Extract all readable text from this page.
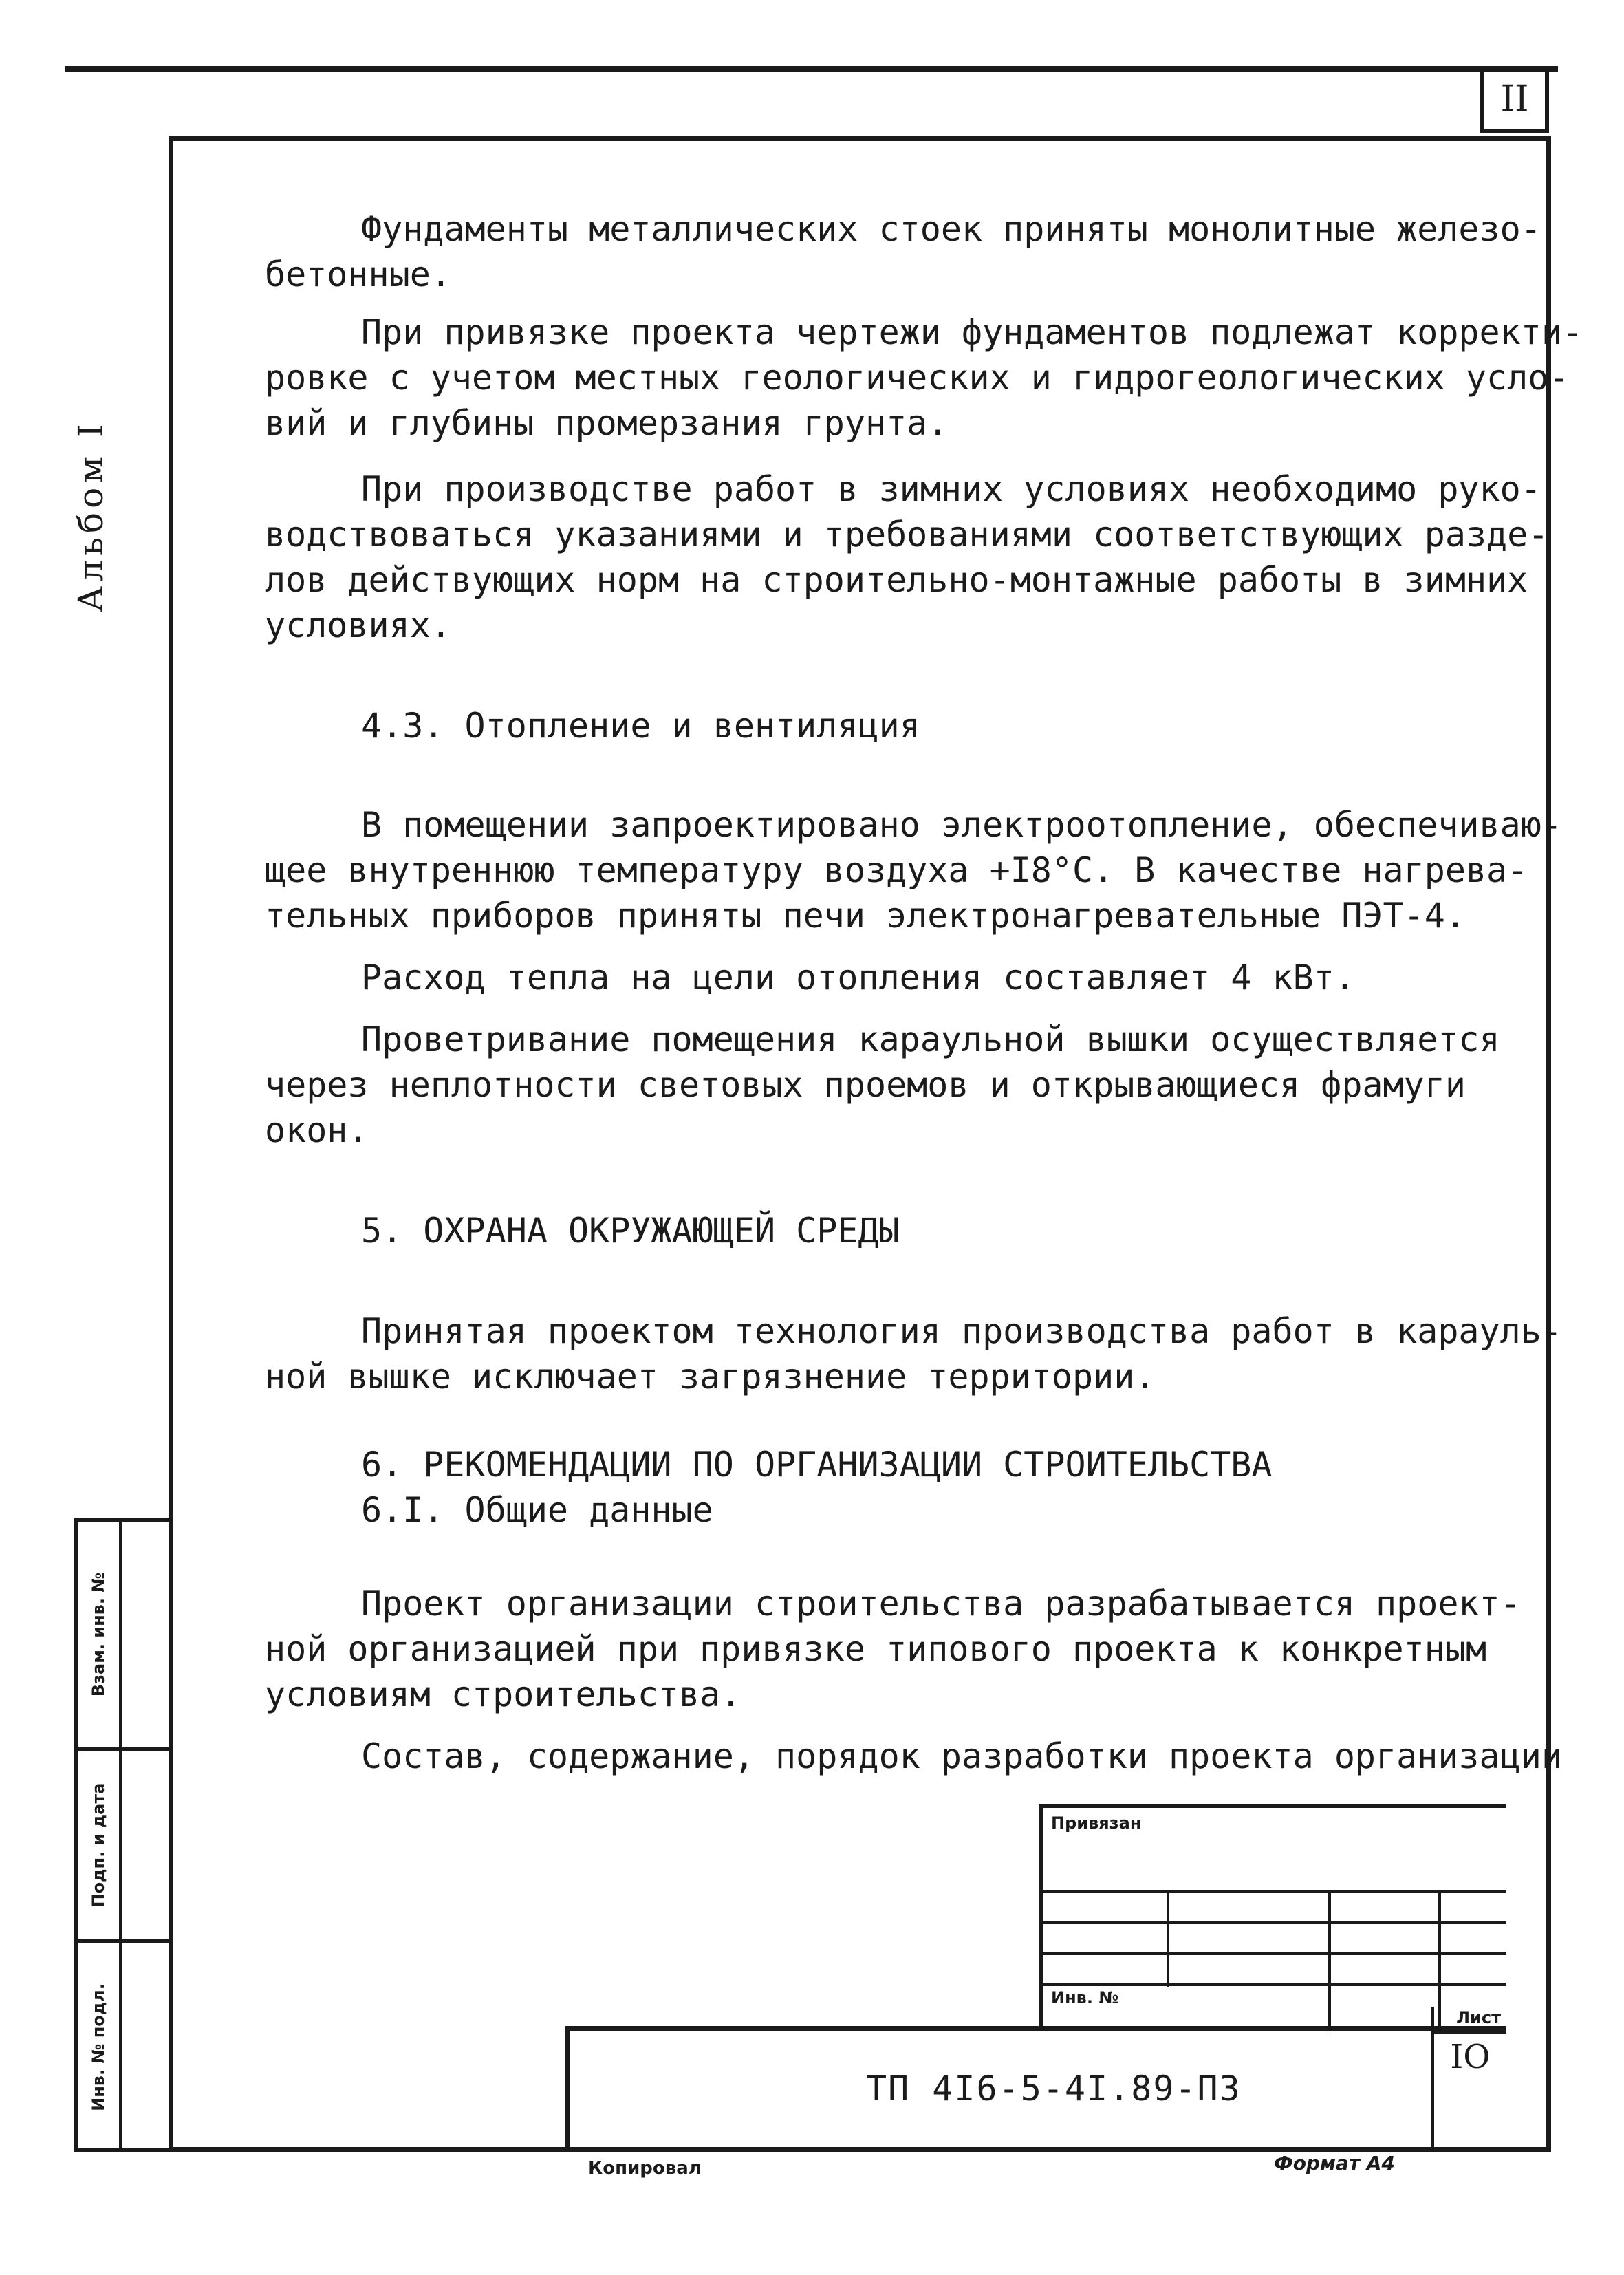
II
Альбом I
Взам. инв. №
Подп. и дата
Инв. № подл.

Фундаменты металлических стоек приняты монолитные железо-

бетонные.

При привязке проекта чертежи фундаментов подлежат корректи-

ровке с учетом местных геологических и гидрогеологических усло-

вий и глубины промерзания грунта.

При производстве работ в зимних условиях необходимо руко-

водствоваться указаниями и требованиями соответствующих разде-

лов действующих норм на строительно-монтажные работы в зимних

условиях.

4.3. Отопление и вентиляция

В помещении запроектировано электроотопление, обеспечиваю-

щее внутреннюю температуру воздуха +I8°С. В качестве нагрева-

тельных приборов приняты печи электронагревательные ПЭТ-4.

Расход тепла на цели отопления составляет 4 кВт.

Проветривание помещения караульной вышки осуществляется

через неплотности световых проемов и открывающиеся фрамуги

окон.

5. ОХРАНА ОКРУЖАЮЩЕЙ СРЕДЫ

Принятая проектом технология производства работ в карауль-

ной вышке исключает загрязнение территории.

6. РЕКОМЕНДАЦИИ ПО ОРГАНИЗАЦИИ СТРОИТЕЛЬСТВА

6.I. Общие данные

Проект организации строительства разрабатывается проект-

ной организацией при привязке типового проекта к конкретным

условиям строительства.

Состав, содержание, порядок разработки проекта организации

Привязан
Инв. №
ТП 4I6-5-4I.89-ПЗ
Лист
IO
Копировал	Формат А4
